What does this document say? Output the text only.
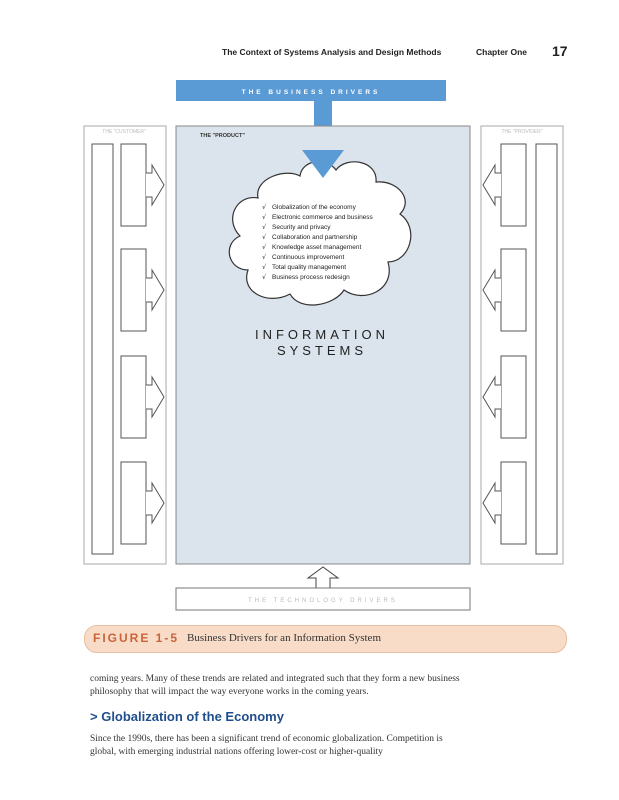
The Context of Systems Analysis and Design Methods	Chapter One 17
THE BUSINESS DRIVERS
THE "CUSTOMER"
THE "PRODUCT"
√ Globalization of the economy
√ Electronic commerce and business
√ Security and privacy
√ Collaboration and partnership
√ Knowledge asset management
√ Continuous improvement
√ Total quality management
√ Business process redesign
INFORMATION
SYSTEMS
THE "PROVIDER"
THE TECHNOLOGY DRIVERS
FIGURE 1-5 Business Drivers for an Information System
coming years. Many of these trends are related and integrated such that they form a new business philosophy that will impact the way everyone works in the coming years.
> Globalization of the Economy
Since the 1990s, there has been a significant trend of economic globalization. Competition is global, with emerging industrial nations offering lower-cost or higher-quality
